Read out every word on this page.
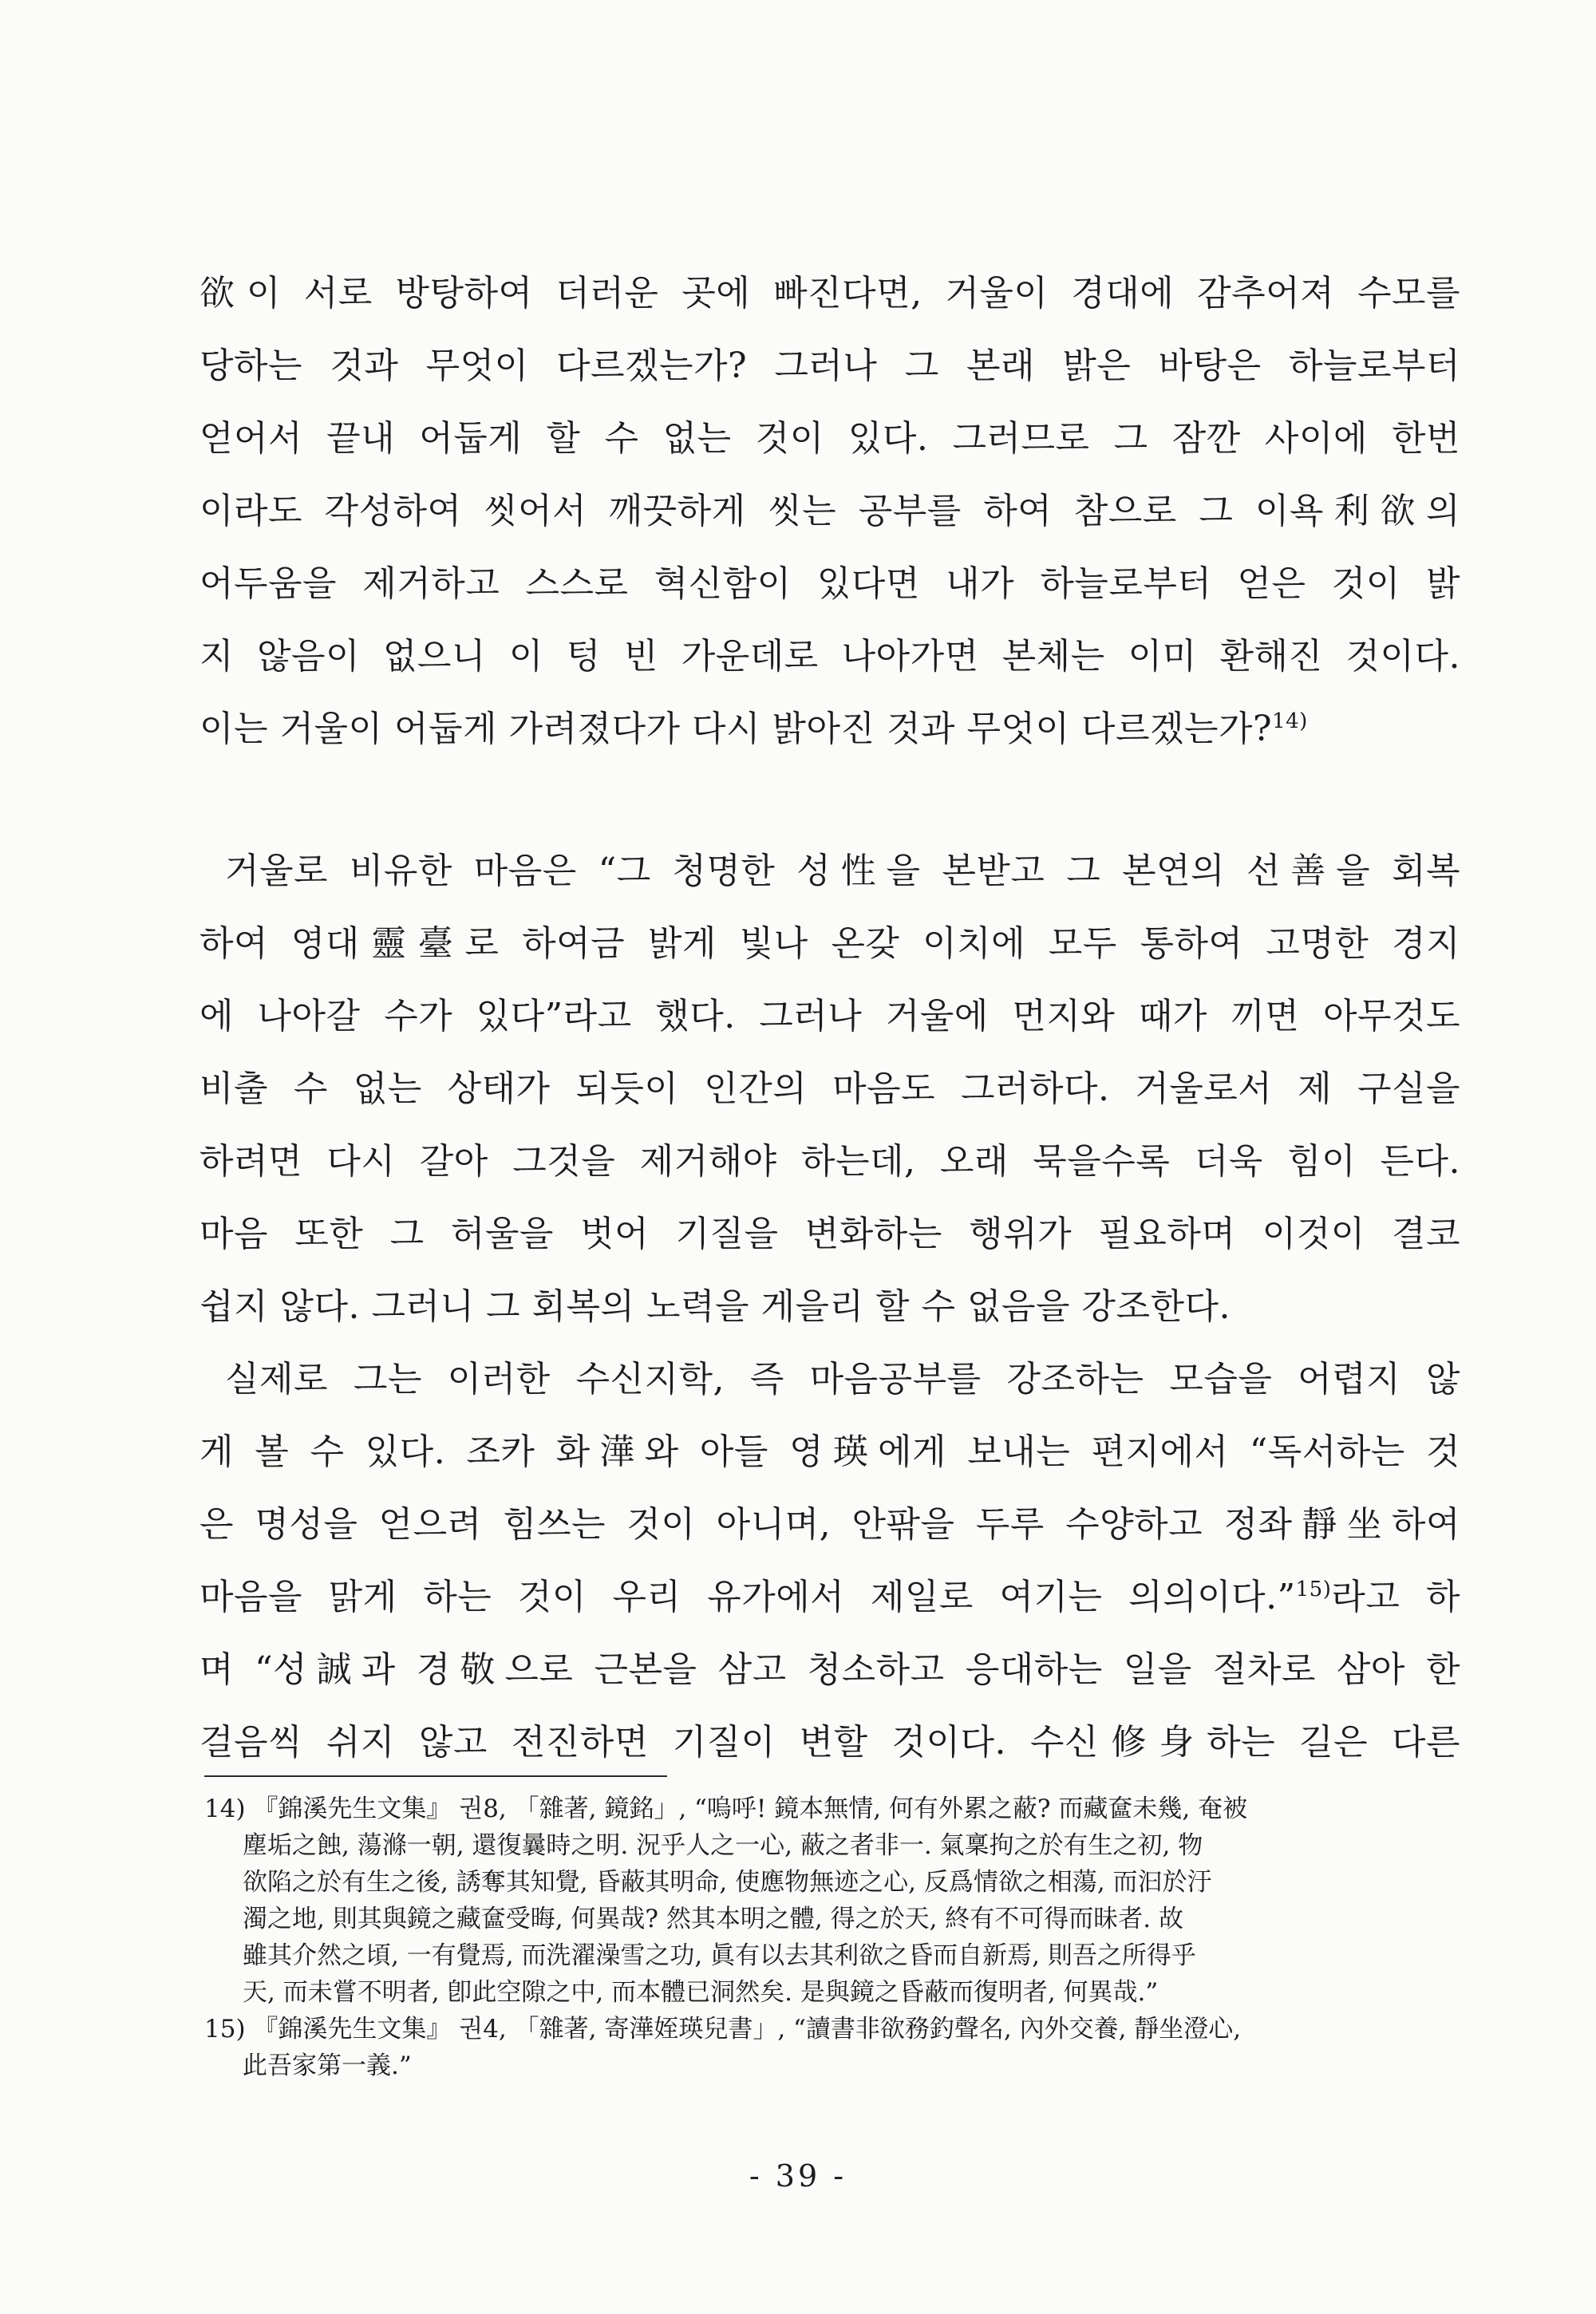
欲이 서로 방탕하여 더러운 곳에 빠진다면, 거울이 경대에 감추어져 수모를
당하는 것과 무엇이 다르겠는가? 그러나 그 본래 밝은 바탕은 하늘로부터
얻어서 끝내 어둡게 할 수 없는 것이 있다. 그러므로 그 잠깐 사이에 한번
이라도 각성하여 씻어서 깨끗하게 씻는 공부를 하여 참으로 그 이욕利欲의
어두움을 제거하고 스스로 혁신함이 있다면 내가 하늘로부터 얻은 것이 밝
지 않음이 없으니 이 텅 빈 가운데로 나아가면 본체는 이미 환해진 것이다.
이는 거울이 어둡게 가려졌다가 다시 밝아진 것과 무엇이 다르겠는가?$^{14)}$
거울로 비유한 마음은 “그 청명한 성性을 본받고 그 본연의 선善을 회복
하여 영대靈臺로 하여금 밝게 빛나 온갖 이치에 모두 통하여 고명한 경지
에 나아갈 수가 있다”라고 했다. 그러나 거울에 먼지와 때가 끼면 아무것도
비출 수 없는 상태가 되듯이 인간의 마음도 그러하다. 거울로서 제 구실을
하려면 다시 갈아 그것을 제거해야 하는데, 오래 묵을수록 더욱 힘이 든다.
마음 또한 그 허울을 벗어 기질을 변화하는 행위가 필요하며 이것이 결코
쉽지 않다. 그러니 그 회복의 노력을 게을리 할 수 없음을 강조한다.
실제로 그는 이러한 수신지학, 즉 마음공부를 강조하는 모습을 어렵지 않
게 볼 수 있다. 조카 화澕와 아들 영瑛에게 보내는 편지에서 “독서하는 것
은 명성을 얻으려 힘쓰는 것이 아니며, 안팎을 두루 수양하고 정좌靜坐하여
마음을 맑게 하는 것이 우리 유가에서 제일로 여기는 의의이다.”$^{15)}$라고 하
며 “성誠과 경敬으로 근본을 삼고 청소하고 응대하는 일을 절차로 삼아 한
걸음씩 쉬지 않고 전진하면 기질이 변할 것이다. 수신修身하는 길은 다른
14) 『錦溪先生文集』 권8, 「雜著, 鏡銘」, “嗚呼! 鏡本無情, 何有外累之蔽? 而藏奩未幾, 奄被
塵垢之蝕, 蕩滌一朝, 還復曩時之明. 況乎人之一心, 蔽之者非一. 氣稟拘之於有生之初, 物
欲陷之於有生之後, 誘奪其知覺, 昏蔽其明命, 使應物無迹之心, 反爲情欲之相蕩, 而汩於汙
濁之地, 則其與鏡之藏奩受晦, 何異哉? 然其本明之體, 得之於天, 終有不可得而昧者. 故
雖其介然之頃, 一有覺焉, 而洗濯澡雪之功, 眞有以去其利欲之昏而自新焉, 則吾之所得乎
天, 而未嘗不明者, 卽此空隙之中, 而本體已洞然矣. 是與鏡之昏蔽而復明者, 何異哉.”
15) 『錦溪先生文集』 권4, 「雜著, 寄澕姪瑛兒書」, “讀書非欲務釣聲名, 內外交養, 靜坐澄心,
此吾家第一義.”
- 39 -
